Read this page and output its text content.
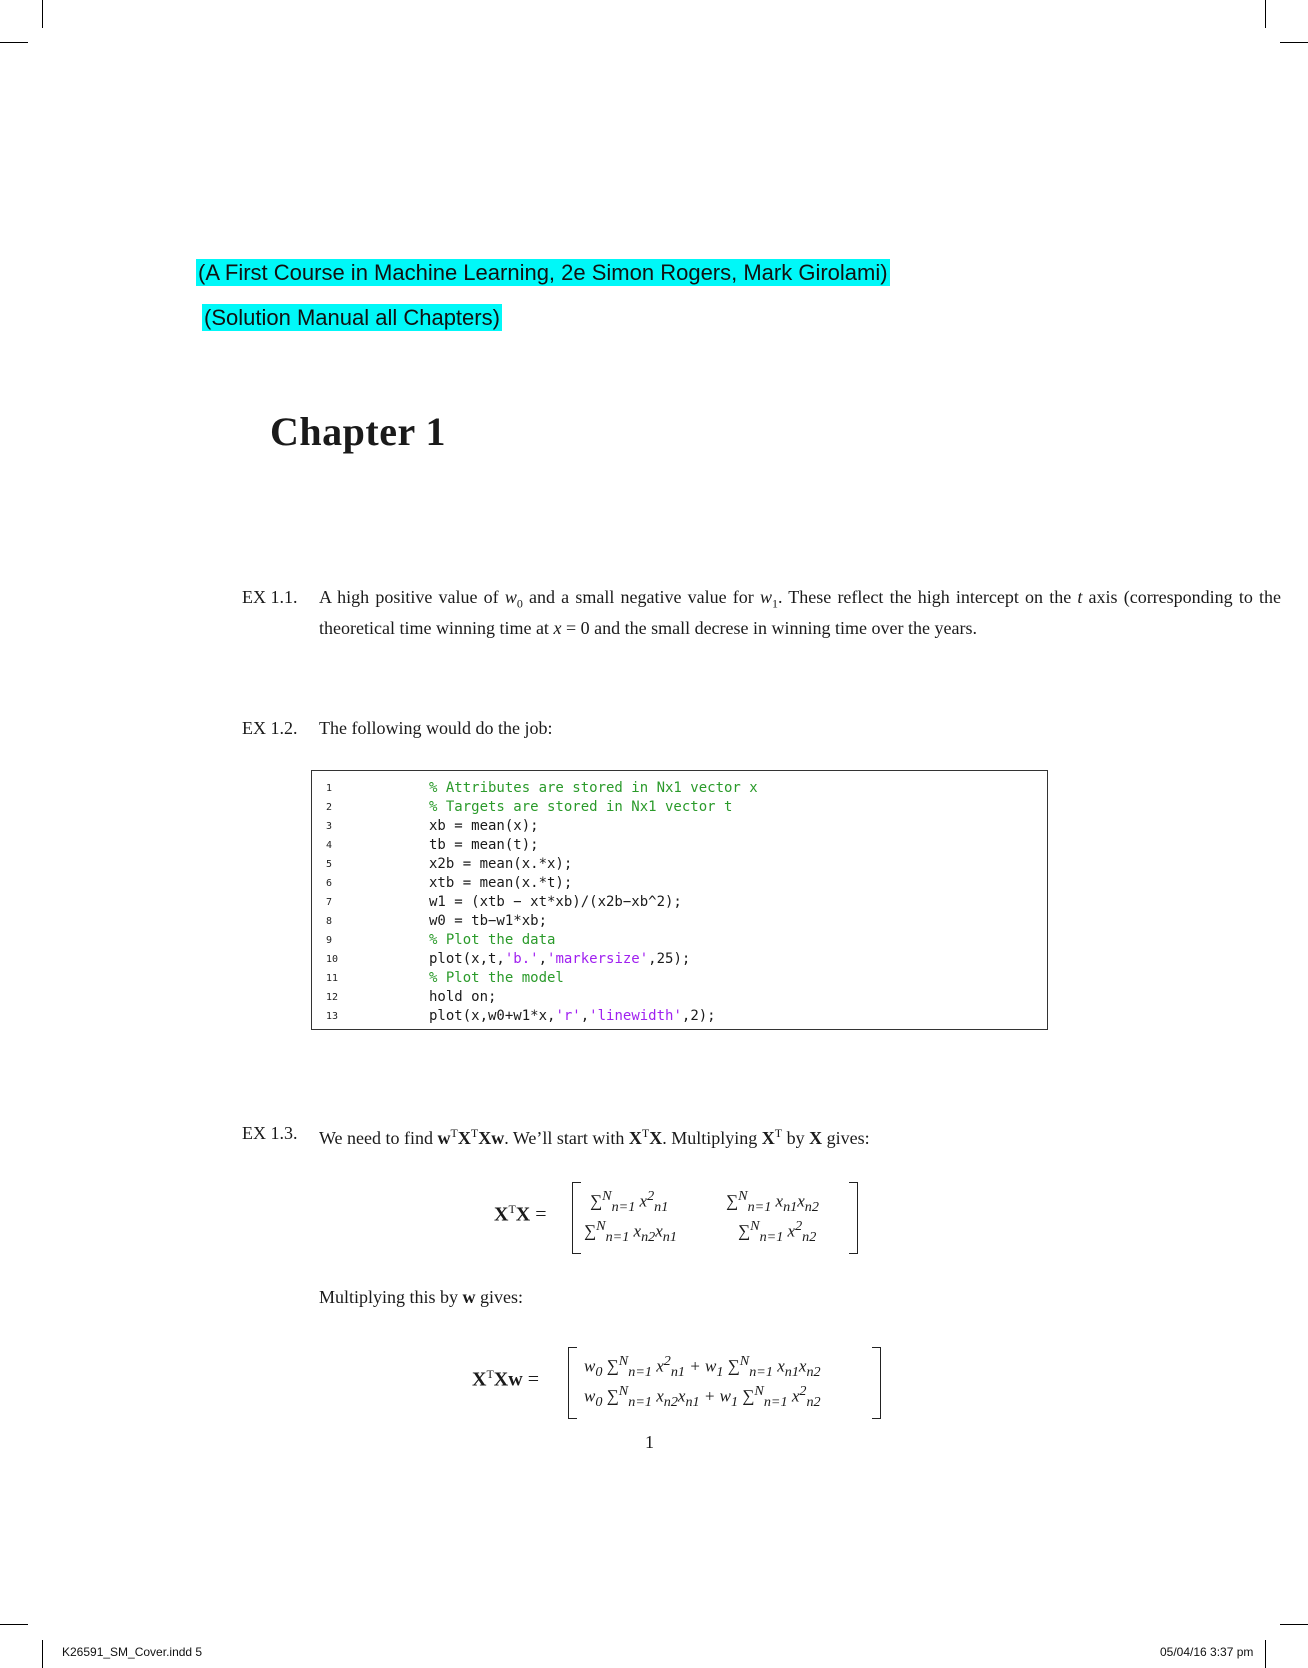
(A First Course in Machine Learning, 2e Simon Rogers, Mark Girolami)
(Solution Manual all Chapters)
Chapter 1
EX 1.1. A high positive value of $w_0$ and a small negative value for $w_1$. These reflect the high intercept on the t axis (corresponding to the theoretical time winning time at x = 0 and the small decrese in winning time over the years.

EX 1.2. The following would do the job:
1	% Attributes are stored in Nx1 vector x
2	% Targets are stored in Nx1 vector t
3	xb = mean(x);
4	tb = mean(t);
5	x2b = mean(x.*x);
6	xtb = mean(x.*t);
7	w1 = (xtb − xt*xb)/(x2b−xb^2);
8	w0 = tb−w1*xb;
9	% Plot the data
10	plot(x,t,'b.','markersize',25);
11	% Plot the model
12	hold on;
13	plot(x,w0+w1*x,'r','linewidth',2);
EX 1.3. We need to find $w^TX^TXw$. We’ll start with $X^TX$. Multiplying $X^T$ by X gives:
$X^TX$ =
∑$^N_{n=1}$ $x^2_{n1}$	∑$^N_{n=1}$ $x_{n1}x_{n2}$
∑$^N_{n=1}$ $x_{n2}x_{n1}$	∑$^N_{n=1}$ $x^2_{n2}$
Multiplying this by w gives:
$X^TXw$ =
$w_0$ ∑$^N_{n=1}$ $x^2_{n1} + w_1$ ∑$^N_{n=1}$ $x_{n1}x_{n2}$
$w_0$ ∑$^N_{n=1}$ $x_{n2}x_{n1} + w_1$ ∑$^N_{n=1}$ $x^2_{n2}$
1
K26591_SM_Cover.indd 5	05/04/16 3:37 pm
